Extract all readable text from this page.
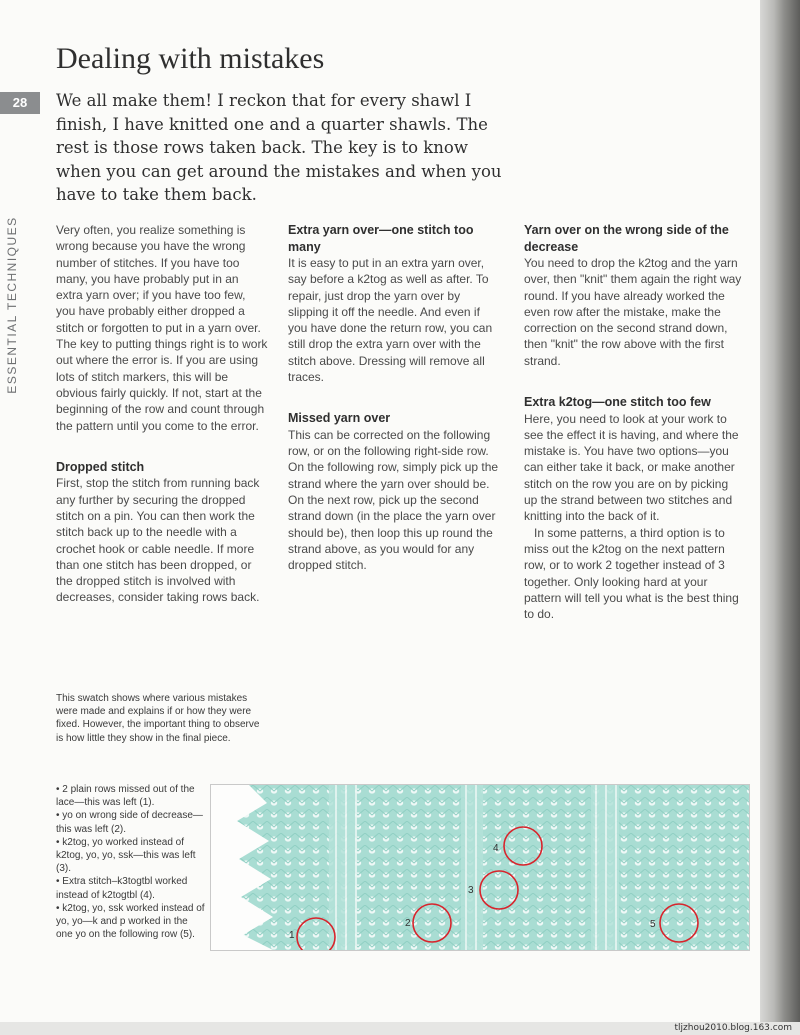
28
ESSENTIAL TECHNIQUES
Dealing with mistakes

We all make them! I reckon that for every shawl I finish, I have knitted one and a quarter shawls. The rest is those rows taken back. The key is to know when you can get around the mistakes and when you have to take them back.

Very often, you realize something is wrong because you have the wrong number of stitches. If you have too many, you have probably put in an extra yarn over; if you have too few, you have probably either dropped a stitch or forgotten to put in a yarn over. The key to putting things right is to work out where the error is. If you are using lots of stitch markers, this will be obvious fairly quickly. If not, start at the beginning of the row and count through the pattern until you come to the error.

Dropped stitch

First, stop the stitch from running back any further by securing the dropped stitch on a pin. You can then work the stitch back up to the needle with a crochet hook or cable needle. If more than one stitch has been dropped, or the dropped stitch is involved with decreases, consider taking rows back.

Extra yarn over—one stitch too many

It is easy to put in an extra yarn over, say before a k2tog as well as after. To repair, just drop the yarn over by slipping it off the needle. And even if you have done the return row, you can still drop the extra yarn over with the stitch above. Dressing will remove all traces.

Missed yarn over

This can be corrected on the following row, or on the following right-side row. On the following row, simply pick up the strand where the yarn over should be. On the next row, pick up the second strand down (in the place the yarn over should be), then loop this up round the strand above, as you would for any dropped stitch.

Yarn over on the wrong side of the decrease

You need to drop the k2tog and the yarn over, then "knit" them again the right way round. If you have already worked the even row after the mistake, make the correction on the second strand down, then "knit" the row above with the first strand.

Extra k2tog—one stitch too few

Here, you need to look at your work to see the effect it is having, and where the mistake is. You have two options—you can either take it back, or make another stitch on the row you are on by picking up the strand between two stitches and knitting into the back of it.

In some patterns, a third option is to miss out the k2tog on the next pattern row, or to work 2 together instead of 3 together. Only looking hard at your pattern will tell you what is the best thing to do.

This swatch shows where various mistakes were made and explains if or how they were fixed. However, the important thing to observe is how little they show in the final piece.

• 2 plain rows missed out of the lace—this was left (1).
• yo on wrong side of decrease—this was left (2).
• k2tog, yo worked instead of k2tog, yo, yo, ssk—this was left (3).
• Extra stitch–k3togtbl worked instead of k2togtbl (4).
• k2tog, yo, ssk worked instead of yo, yo—k and p worked in the one yo on the following row (5).	1
2
3
4
5
tljzhou2010.blog.163.com
